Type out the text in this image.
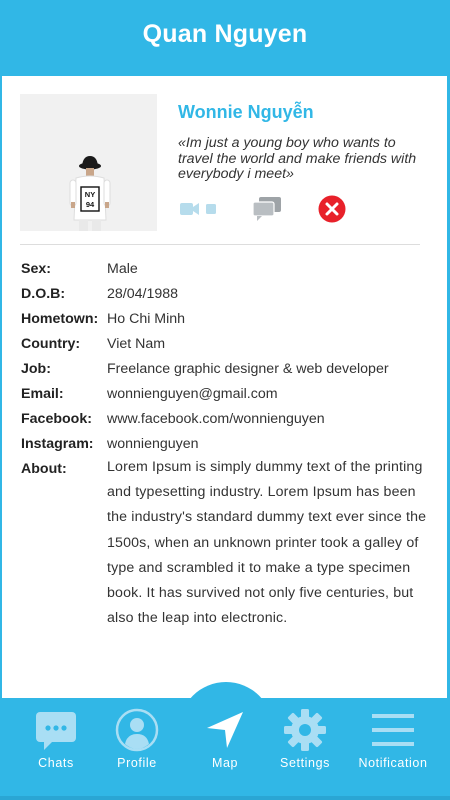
Quan Nguyen
NY
94
Wonnie Nguyễn
«Im just a young boy who wants to travel the world and make friends with everybody i meet»
Sex:	Male
D.O.B:	28/04/1988
Hometown: Ho Chi Minh
Country:	Viet Nam
Job:	Freelance graphic designer & web developer
Email:	wonnienguyen@gmail.com
Facebook:	www.facebook.com/wonnienguyen
Instagram: wonnienguyen
About:	Lorem Ipsum is simply dummy text of the printing and typesetting industry. Lorem Ipsum has been the industry's standard dummy text ever since the 1500s, when an unknown printer took a galley of type and scrambled it to make a type specimen book. It has survived not only five centuries, but also the leap into electronic.
Chats	Profile	Map	Settings Notification
